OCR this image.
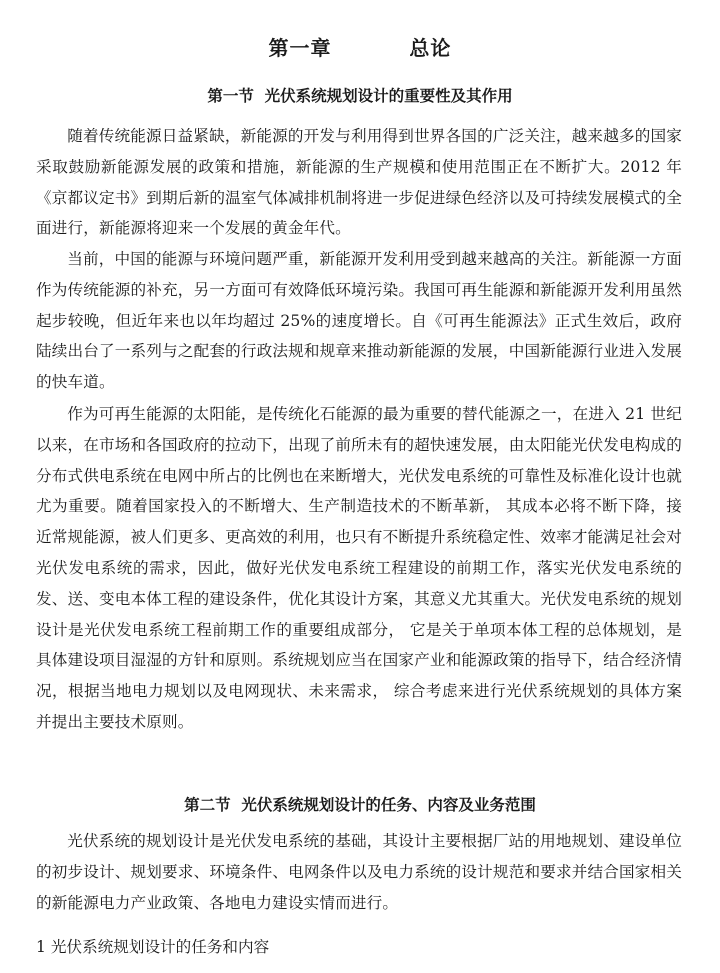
第一章   总论
第一节  光伏系统规划设计的重要性及其作用

随着传统能源日益紧缺，新能源的开发与利用得到世界各国的广泛关注，越来越多的国家采取鼓励新能源发展的政策和措施，新能源的生产规模和使用范围正在不断扩大。2012 年《京都议定书》到期后新的温室气体减排机制将进一步促进绿色经济以及可持续发展模式的全面进行，新能源将迎来一个发展的黄金年代。

当前，中国的能源与环境问题严重，新能源开发利用受到越来越高的关注。新能源一方面作为传统能源的补充，另一方面可有效降低环境污染。我国可再生能源和新能源开发利用虽然起步较晚，但近年来也以年均超过 25%的速度增长。自《可再生能源法》正式生效后，政府陆续出台了一系列与之配套的行政法规和规章来推动新能源的发展，中国新能源行业进入发展的快车道。

作为可再生能源的太阳能，是传统化石能源的最为重要的替代能源之一，在进入 21 世纪以来，在市场和各国政府的拉动下，出现了前所未有的超快速发展，由太阳能光伏发电构成的分布式供电系统在电网中所占的比例也在来断增大，光伏发电系统的可靠性及标准化设计也就尤为重要。随着国家投入的不断增大、生产制造技术的不断革新， 其成本必将不断下降，接近常规能源，被人们更多、更高效的利用，也只有不断提升系统稳定性、效率才能满足社会对光伏发电系统的需求，因此，做好光伏发电系统工程建设的前期工作，落实光伏发电系统的发、送、变电本体工程的建设条件，优化其设计方案，其意义尤其重大。光伏发电系统的规划设计是光伏发电系统工程前期工作的重要组成部分， 它是关于单项本体工程的总体规划，是具体建设项目湿湿的方针和原则。系统规划应当在国家产业和能源政策的指导下，结合经济情况，根据当地电力规划以及电网现状、未来需求， 综合考虑来进行光伏系统规划的具体方案并提出主要技术原则。

第二节  光伏系统规划设计的任务、内容及业务范围

光伏系统的规划设计是光伏发电系统的基础，其设计主要根据厂站的用地规划、建设单位的初步设计、规划要求、环境条件、电网条件以及电力系统的设计规范和要求并结合国家相关的新能源电力产业政策、各地电力建设实情而进行。

1 光伏系统规划设计的任务和内容
